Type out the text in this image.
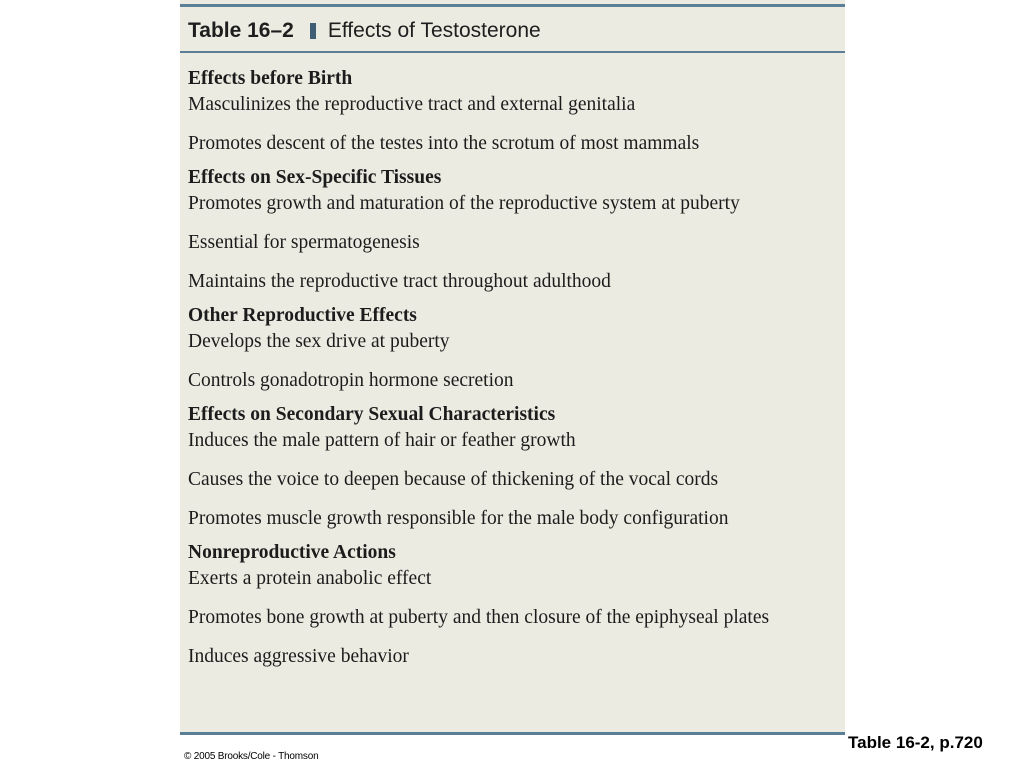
Table 16–2 Effects of Testosterone
Effects before Birth
Masculinizes the reproductive tract and external genitalia
Promotes descent of the testes into the scrotum of most mammals
Effects on Sex-Specific Tissues
Promotes growth and maturation of the reproductive system at puberty
Essential for spermatogenesis
Maintains the reproductive tract throughout adulthood
Other Reproductive Effects
Develops the sex drive at puberty
Controls gonadotropin hormone secretion
Effects on Secondary Sexual Characteristics
Induces the male pattern of hair or feather growth
Causes the voice to deepen because of thickening of the vocal cords
Promotes muscle growth responsible for the male body configuration
Nonreproductive Actions
Exerts a protein anabolic effect
Promotes bone growth at puberty and then closure of the epiphyseal plates
Induces aggressive behavior
Table 16-2, p.720
© 2005 Brooks/Cole - Thomson
